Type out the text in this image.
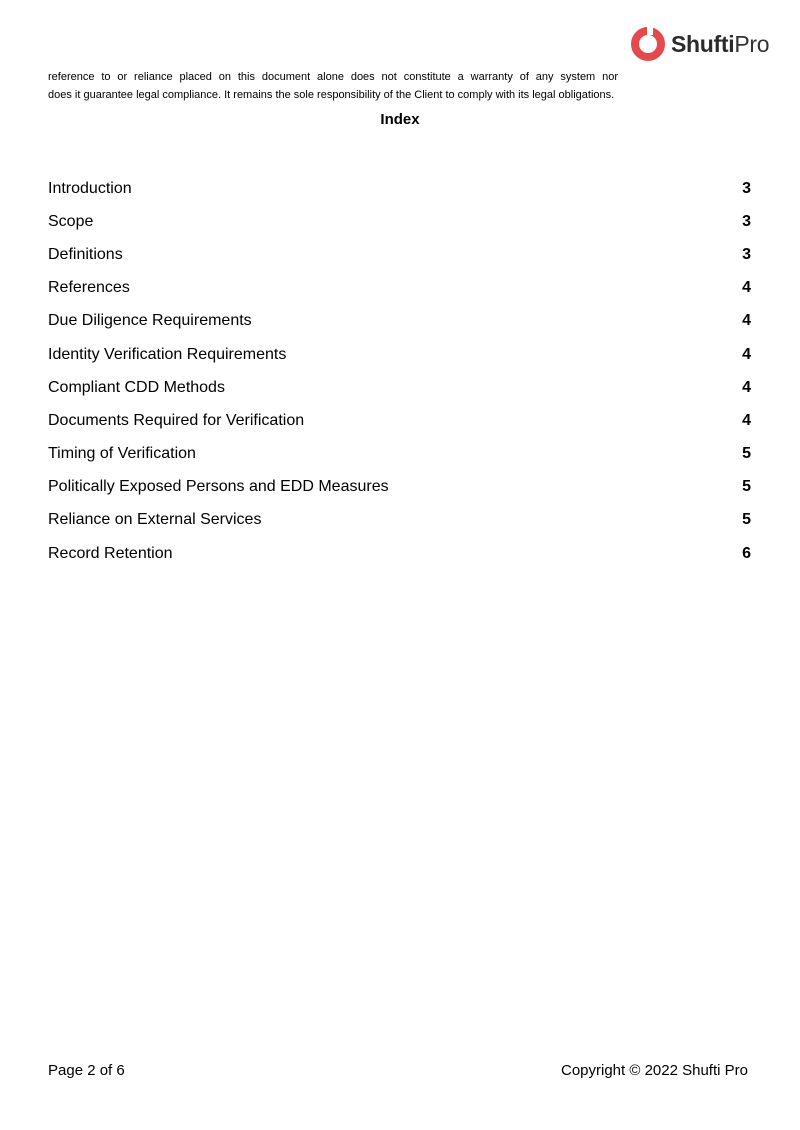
ShuftiPro

reference to or reliance placed on this document alone does not constitute a warranty of any system nor

does it guarantee legal compliance. It remains the sole responsibility of the Client to comply with its legal obligations.

Index
Introduction	3
Scope	3
Definitions	3
References	4
Due Diligence Requirements	4
Identity Verification Requirements	4
Compliant CDD Methods	4
Documents Required for Verification	4
Timing of Verification	5
Politically Exposed Persons and EDD Measures	5
Reliance on External Services	5
Record Retention	6
Page 2 of 6	Copyright © 2022 Shufti Pro
